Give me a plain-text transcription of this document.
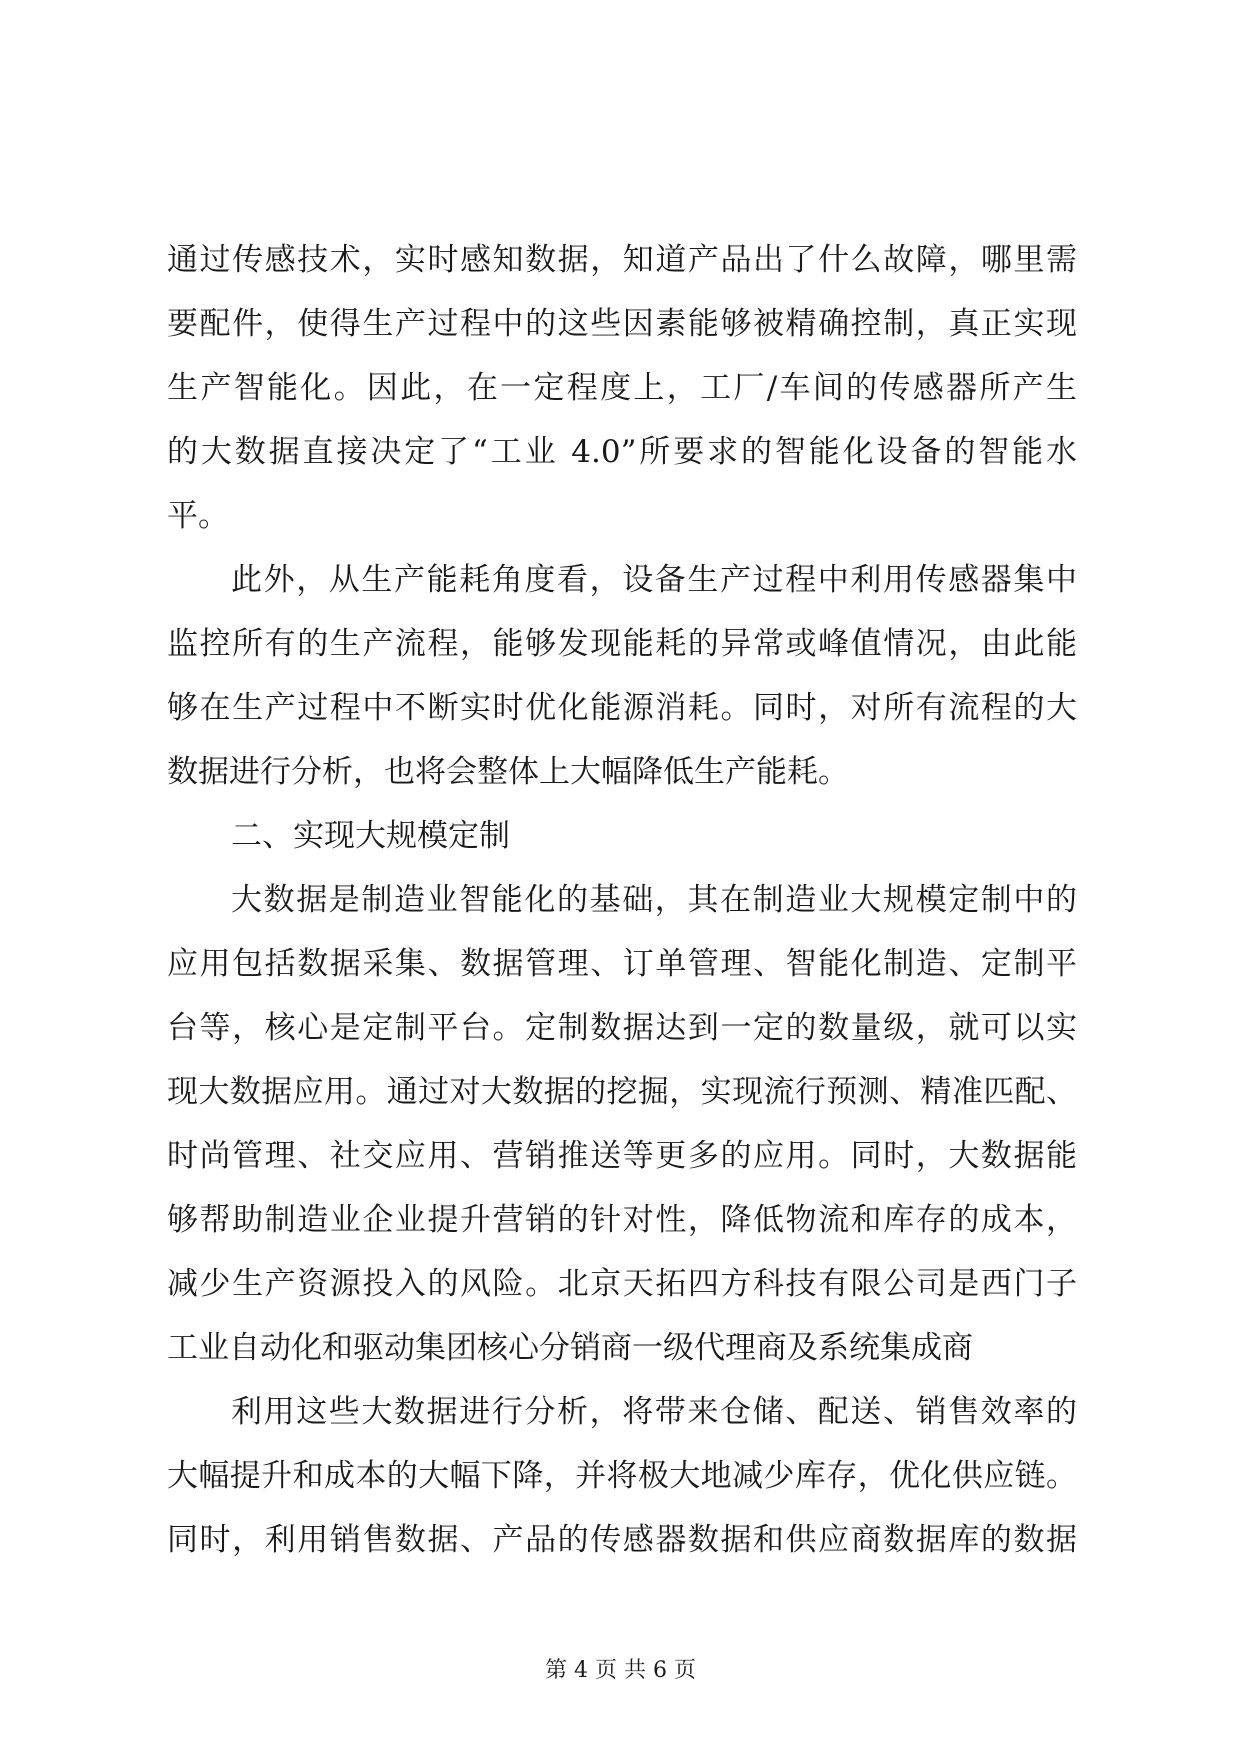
通过传感技术，实时感知数据，知道产品出了什么故障，哪里需
要配件，使得生产过程中的这些因素能够被精确控制，真正实现
生产智能化。因此，在一定程度上，工厂/车间的传感器所产生
的大数据直接决定了“工业 4.0”所要求的智能化设备的智能水
平。
此外，从生产能耗角度看，设备生产过程中利用传感器集中
监控所有的生产流程，能够发现能耗的异常或峰值情况，由此能
够在生产过程中不断实时优化能源消耗。同时，对所有流程的大
数据进行分析，也将会整体上大幅降低生产能耗。
二、实现大规模定制
大数据是制造业智能化的基础，其在制造业大规模定制中的
应用包括数据采集、数据管理、订单管理、智能化制造、定制平
台等，核心是定制平台。定制数据达到一定的数量级，就可以实
现大数据应用。通过对大数据的挖掘，实现流行预测、精准匹配、
时尚管理、社交应用、营销推送等更多的应用。同时，大数据能
够帮助制造业企业提升营销的针对性，降低物流和库存的成本，
减少生产资源投入的风险。北京天拓四方科技有限公司是西门子
工业自动化和驱动集团核心分销商一级代理商及系统集成商
利用这些大数据进行分析，将带来仓储、配送、销售效率的
大幅提升和成本的大幅下降，并将极大地减少库存，优化供应链。
同时，利用销售数据、产品的传感器数据和供应商数据库的数据
第 4 页 共 6 页
